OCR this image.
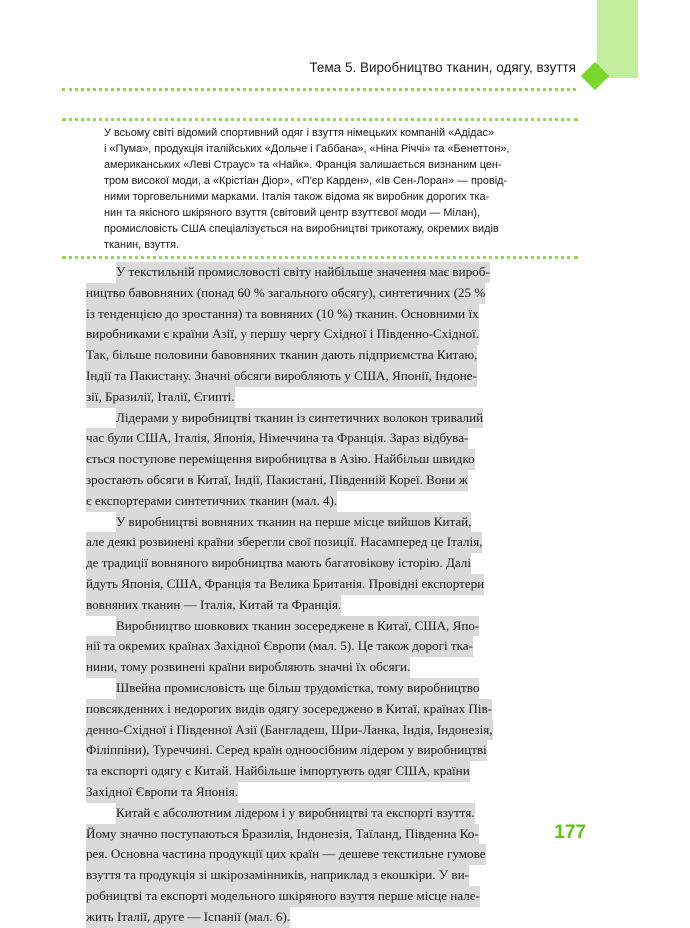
Тема 5. Виробництво тканин, одягу, взуття
У всьому світі відомий спортивний одяг і взуття німецьких компаній «Адідас»
і «Пума», продукція італійських «Дольче і Габбана», «Ніна Річчі» та «Бенеттон»,
американських «Леві Страус» та «Найк». Франція залишається визнаним цен-
тром високої моди, а «Крістіан Діор», «П'єр Карден», «Ів Сен-Лоран» — провід-
ними торговельними марками. Італія також відома як виробник дорогих тка-
нин та якісного шкіряного взуття (світовий центр взуттєвої моди — Мілан),
промисловість США спеціалізується на виробництві трикотажу, окремих видів
тканин, взуття.
У текстильній промисловості світу найбільше значення має вироб-
ництво бавовняних (понад 60 % загального обсягу), синтетичних (25 %
із тенденцією до зростання) та вовняних (10 %) тканин. Основними їх
виробниками є країни Азії, у першу чергу Східної і Південно-Східної.
Так, більше половини бавовняних тканин дають підприємства Китаю,
Індії та Пакистану. Значні обсяги виробляють у США, Японії, Індоне-
зії, Бразилії, Італії, Єгипті.
Лідерами у виробництві тканин із синтетичних волокон тривалий
час були США, Італія, Японія, Німеччина та Франція. Зараз відбува-
ється поступове переміщення виробництва в Азію. Найбільш швидко
зростають обсяги в Китаї, Індії, Пакистані, Південній Кореї. Вони ж
є експортерами синтетичних тканин (мал. 4).
У виробництві вовняних тканин на перше місце вийшов Китай,
але деякі розвинені країни зберегли свої позиції. Насамперед це Італія,
де традиції вовняного виробництва мають багатовікову історію. Далі
йдуть Японія, США, Франція та Велика Британія. Провідні експортери
вовняних тканин — Італія, Китай та Франція.
Виробництво шовкових тканин зосереджене в Китаї, США, Япо-
нії та окремих країнах Західної Європи (мал. 5). Це також дорогі тка-
нини, тому розвинені країни виробляють значні їх обсяги.
Швейна промисловість ще більш трудомістка, тому виробництво
повсякденних і недорогих видів одягу зосереджено в Китаї, країнах Пів-
денно-Східної і Південної Азії (Бангладеш, Шри-Ланка, Індія, Індонезія,
Філіппіни), Туреччині. Серед країн одноосібним лідером у виробництві
та експорті одягу є Китай. Найбільше імпортують одяг США, країни
Західної Європи та Японія.
Китай є абсолютним лідером і у виробництві та експорті взуття.
Йому значно поступаються Бразилія, Індонезія, Таїланд, Південна Ко-
рея. Основна частина продукції цих країн — дешеве текстильне гумове
взуття та продукція зі шкірозамінників, наприклад з екошкіри. У ви-
робництві та експорті модельного шкіряного взуття перше місце нале-
жить Італії, друге — Іспанії (мал. 6).
177
